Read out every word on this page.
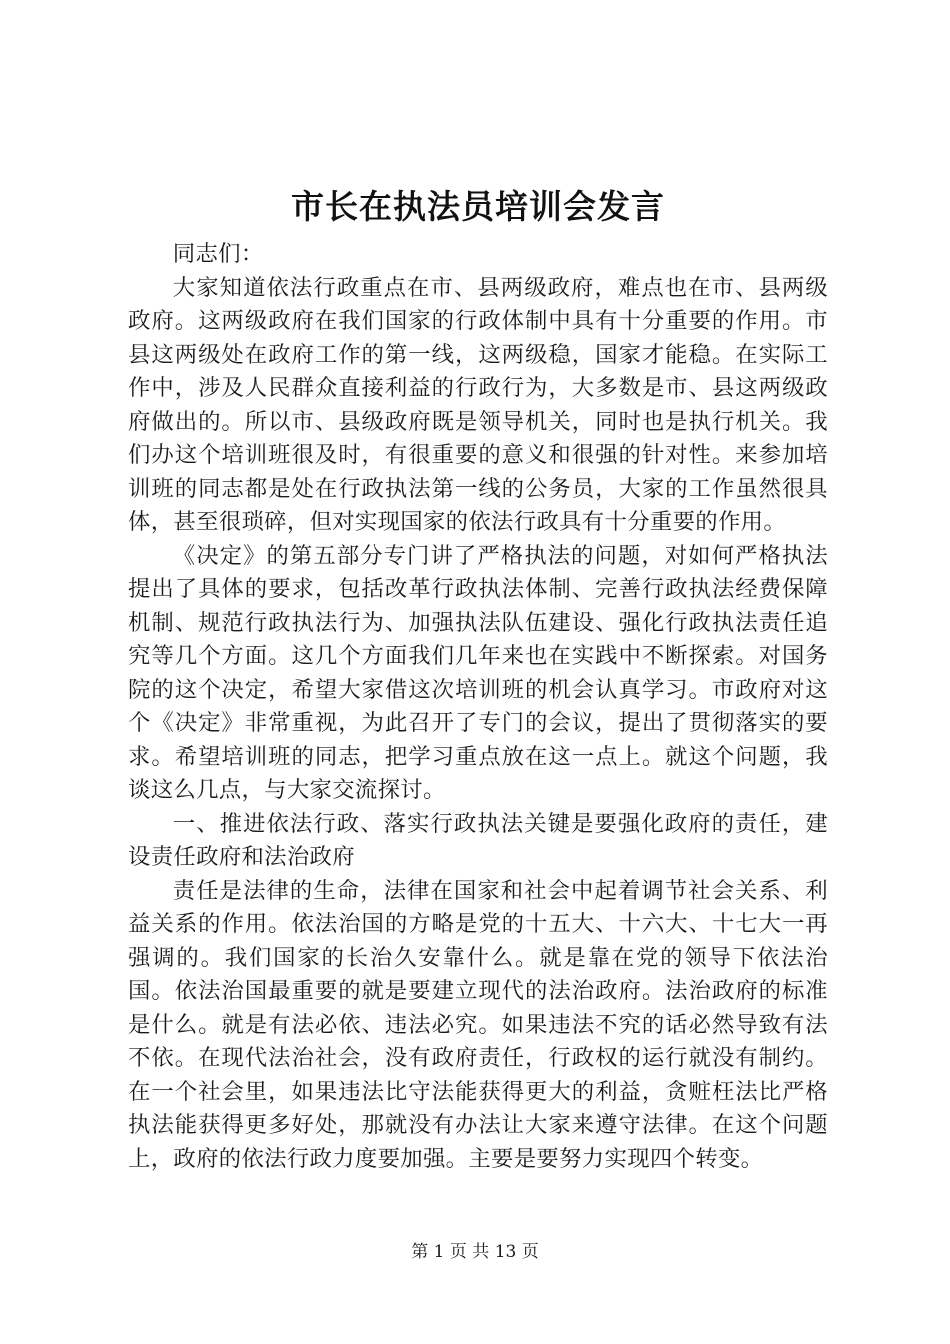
市长在执法员培训会发言

同志们：

大家知道依法行政重点在市、县两级政府，难点也在市、县两级政府。这两级政府在我们国家的行政体制中具有十分重要的作用。市县这两级处在政府工作的第一线，这两级稳，国家才能稳。在实际工作中，涉及人民群众直接利益的行政行为，大多数是市、县这两级政府做出的。所以市、县级政府既是领导机关，同时也是执行机关。我们办这个培训班很及时，有很重要的意义和很强的针对性。来参加培训班的同志都是处在行政执法第一线的公务员，大家的工作虽然很具体，甚至很琐碎，但对实现国家的依法行政具有十分重要的作用。

《决定》的第五部分专门讲了严格执法的问题，对如何严格执法提出了具体的要求，包括改革行政执法体制、完善行政执法经费保障机制、规范行政执法行为、加强执法队伍建设、强化行政执法责任追究等几个方面。这几个方面我们几年来也在实践中不断探索。对国务院的这个决定，希望大家借这次培训班的机会认真学习。市政府对这个《决定》非常重视，为此召开了专门的会议，提出了贯彻落实的要求。希望培训班的同志，把学习重点放在这一点上。就这个问题，我谈这么几点，与大家交流探讨。

一、推进依法行政、落实行政执法关键是要强化政府的责任，建设责任政府和法治政府

责任是法律的生命，法律在国家和社会中起着调节社会关系、利益关系的作用。依法治国的方略是党的十五大、十六大、十七大一再强调的。我们国家的长治久安靠什么。就是靠在党的领导下依法治国。依法治国最重要的就是要建立现代的法治政府。法治政府的标准是什么。就是有法必依、违法必究。如果违法不究的话必然导致有法不依。在现代法治社会，没有政府责任，行政权的运行就没有制约。在一个社会里，如果违法比守法能获得更大的利益，贪赃枉法比严格执法能获得更多好处，那就没有办法让大家来遵守法律。在这个问题上，政府的依法行政力度要加强。主要是要努力实现四个转变。

第 1 页 共 13 页
